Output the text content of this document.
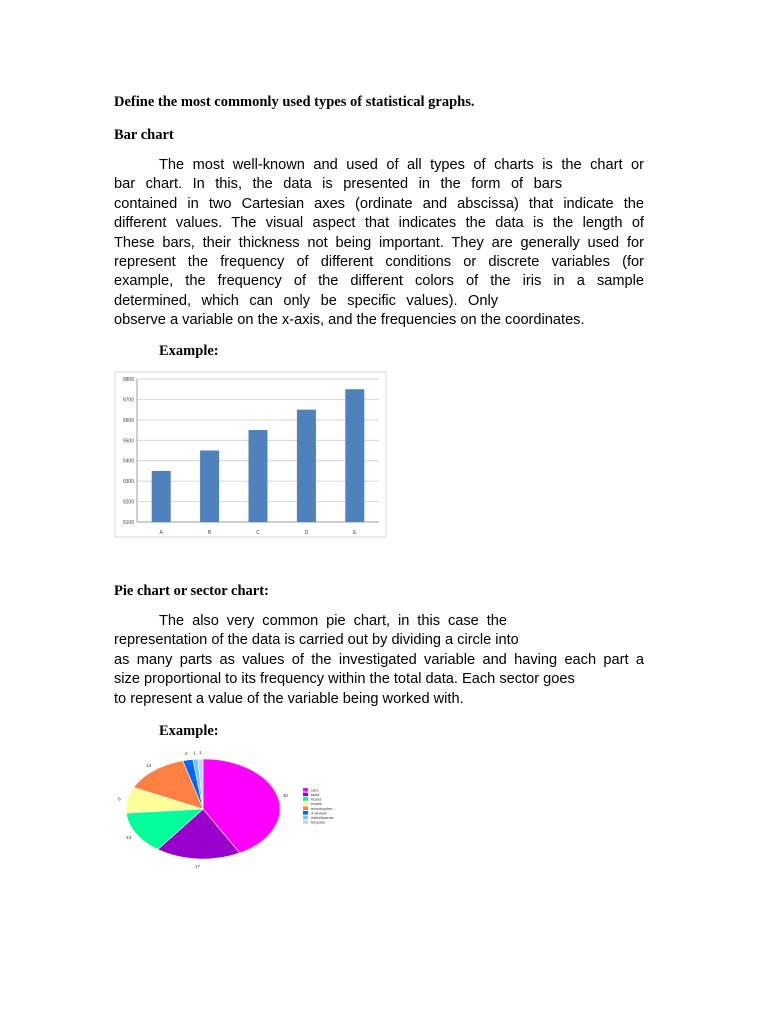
Define the most commonly used types of statistical graphs.

Bar chart

The most well-known and used of all types of charts is the chart or
bar chart. In this, the data is presented in the form of bars
contained in two Cartesian axes (ordinate and abscissa) that indicate the
different values. The visual aspect that indicates the data is the length of
These bars, their thickness not being important. They are generally used for
represent the frequency of different conditions or discrete variables (for
example, the frequency of the different colors of the iris in a sample
determined, which can only be specific values). Only
observe a variable on the x-axis, and the frequencies on the coordinates.

Example:

9100
9200
9300
9400
9500
9600
9700
9800
A	B	C	D	E

Pie chart or sector chart:

The also very common pie chart, in this case the
representation of the data is carried out by dividing a circle into
as many parts as values of the investigated variable and having each part a
size proportional to its frequency within the total data. Each sector goes
to represent a value of the variable being worked with.

Example:

40
17
13
8
13
2 1 1
cars
taxis
buses
trucks
motorcycles
3 wheels
wheelbarrow
bicycles
